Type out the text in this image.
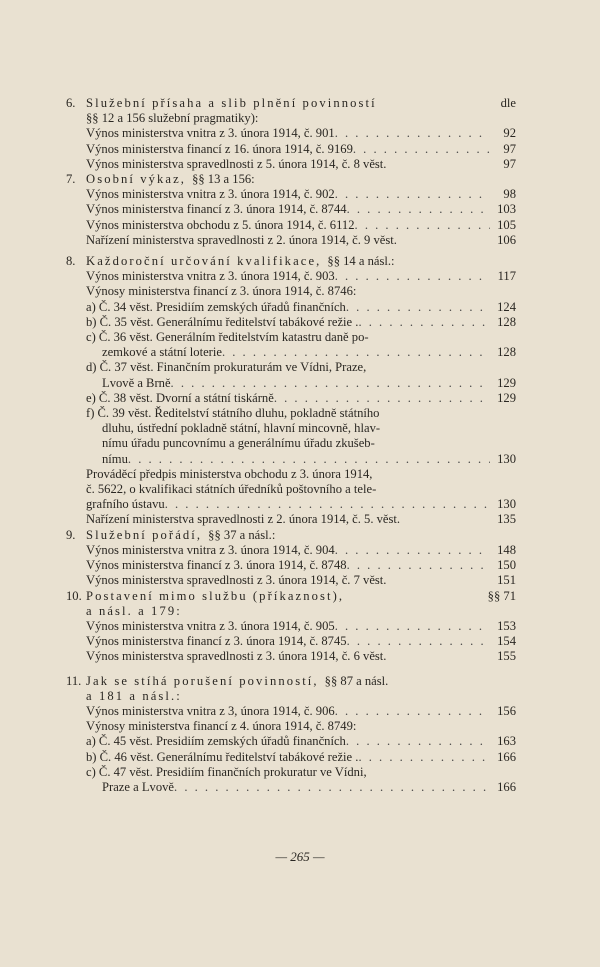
6. Služební přísaha a slib plnění povinností	dle
§§ 12 a 156 služební pragmatiky):
Výnos ministerstva vnitra z 3. února 1914, č. 901 . . .	92
Výnos ministerstva financí z 16. února 1914, č. 9169 . . .	97
Výnos ministerstva spravedlnosti z 5. února 1914, č. 8 věst.	97
7. Osobní výkaz, §§ 13 a 156:
Výnos ministerstva vnitra z 3. února 1914, č. 902 . . .	98
Výnos ministerstva financí z 3. února 1914, č. 8744 . . .	103
Výnos ministerstva obchodu z 5. února 1914, č. 6112 . . .	105
Nařízení ministerstva spravedlnosti z 2. února 1914, č. 9 věst.	106
8. Každoroční určování kvalifikace, §§ 14 a násl.:
Výnos ministerstva vnitra z 3. února 1914, č. 903 . . .	117
Výnosy ministerstva financí z 3. února 1914, č. 8746:
a) Č. 34 věst. Presidiím zemských úřadů finančních . . .	124
b) Č. 35 věst. Generálnímu ředitelství tabákové režie . . . .	128
c) Č. 36 věst. Generálním ředitelstvím katastru daně po-
zemkové a státní loterie . . .	128
d) Č. 37 věst. Finančním prokuraturám ve Vídni, Praze,
Lvově a Brně . . .	129
e) Č. 38 věst. Dvorní a státní tiskárně . . .	129
f) Č. 39 věst. Ředitelství státního dluhu, pokladně státního
dluhu, ústřední pokladně státní, hlavní mincovně, hlav-
nímu úřadu puncovnímu a generálnímu úřadu zkušeb-
nímu . . .	130
Prováděcí předpis ministerstva obchodu z 3. února 1914,
č. 5622, o kvalifikaci státních úředníků poštovního a tele-
grafního ústavu . . .	130
Nařízení ministerstva spravedlnosti z 2. února 1914, č. 5. věst.	135
9. Služební pořádí, §§ 37 a násl.:
Výnos ministerstva vnitra z 3. února 1914, č. 904 . . .	148
Výnos ministerstva financí z 3. února 1914, č. 8748 . . .	150
Výnos ministerstva spravedlnosti z 3. února 1914, č. 7 věst.	151
10. Postavení mimo službu (příkaznost),	§§ 71
a násl. a 179:
Výnos ministerstva vnitra z 3. února 1914, č. 905 . . .	153
Výnos ministerstva financí z 3. února 1914, č. 8745 . . .	154
Výnos ministerstva spravedlnosti z 3. února 1914, č. 6 věst.	155
11. Jak se stíhá porušení povinností, §§ 87 a násl.
a 181 a násl.:
Výnos ministerstva vnitra z 3, února 1914, č. 906 . . .	156
Výnosy ministerstva financí z 4. února 1914, č. 8749:
a) Č. 45 věst. Presidiím zemských úřadů finančních . . .	163
b) Č. 46 věst. Generálnímu ředitelství tabákové režie . . . .	166
c) Č. 47 věst. Presidiím finančních prokuratur ve Vídni,
Praze a Lvově . . .	166
— 265 —
